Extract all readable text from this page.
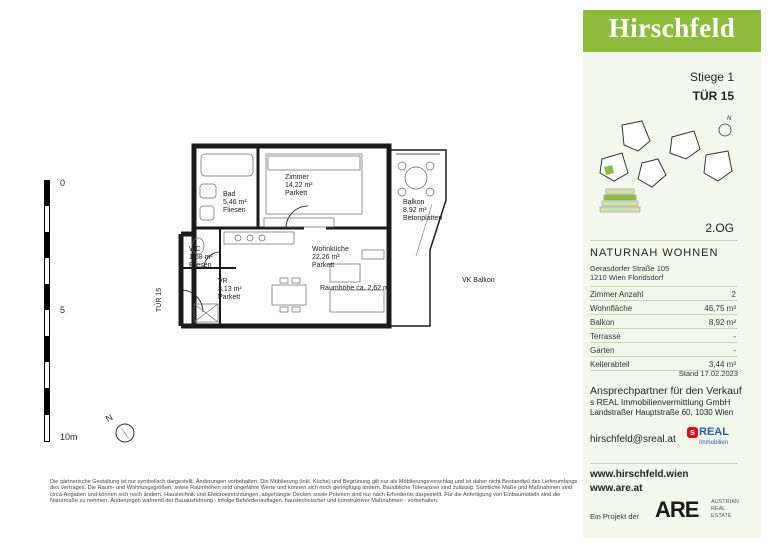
0
5
10m
N
Bad
5,46 m²
Fliesen
Zimmer
14,22 m²
Parkett
Balkon
8,92 m²
Betonplatten
WC
1,68 m²
Fliesen
Wohnküche
22,26 m²
Parkett
Raumhöhe ca. 2,62 m
VR
3,13 m²
Parkett
VK Balkon
TÜR 15
Die gärtnerische Gestaltung ist nur symbolisch dargestellt. Änderungen vorbehalten. Die Möblierung (inkl. Küche) und Begrünung gilt nur als Möblierungsvorschlag und ist daher nicht Bestandteil des Lieferumfangs des Vertrages. Die Raum- und Wohnungsgrößen, sowie Raumhöhen sind ungefähre Werte und können sich noch geringfügig ändern. Bauübliche Toleranzen sind zulässig. Sämtliche Maße und Maßnahmen sind circa-Angaben und können sich noch ändern. Haustechnik und Elektroeinrichtungen, abgehängte Decken sowie Poterien sind nur nach Erfordernis dargestellt. Für die Anfertigung von Einbaumöbeln sind die Naturmaße zu nehmen. Änderungen während der Bauausführung - infolge Behördenauflagen, haustechnischer und konstruktiver Maßnahmen - vorbehalten.
Hirschfeld
Stiege 1
TÜR 15
N
2.OG
NATURNAH WOHNEN
Gerasdorfer Straße 105
1210 Wien Floridsdorf
Zimmer Anzahl	2
Wohnfläche	46,75 m²
Balkon	8,92 m²
Terrasse	-
Garten	-
Kellerabteil	3,44 m²
Stand 17.02.2023
Ansprechpartner für den Verkauf
s REAL Immobilienvermittlung GmbH
Landstraßer Hauptstraße 60, 1030 Wien
hirschfeld@sreal.at
s REAL
Immobilien
www.hirschfeld.wien
www.are.at
Ein Projekt der ARE AUSTRIAN
REAL
ESTATE
